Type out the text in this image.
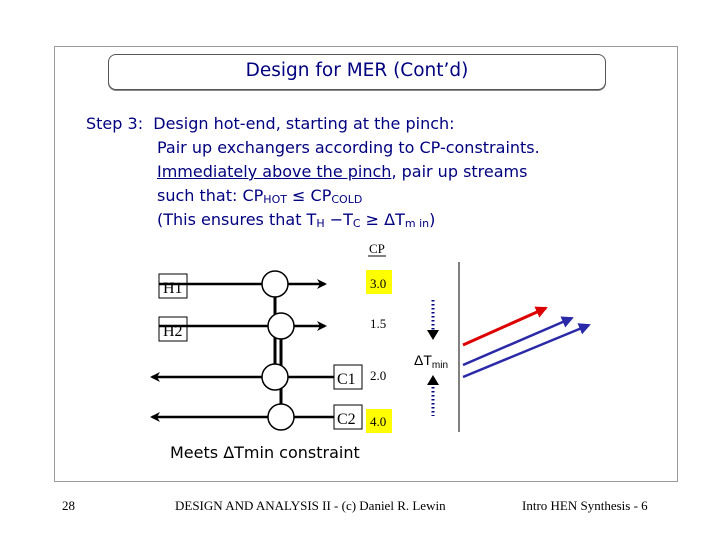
Design for MER (Cont’d)
Step 3: Design hot-end, starting at the pinch:
Pair up exchangers according to CP-constraints.
Immediately above the pinch, pair up streams
such that: $CP_{HOT} \le CP_{COLD}$
(This ensures that $T_H -T_C \ge \Delta T_{m in}$)
CP
H1	3.0
H2	1.5
C1 2.0
C2 4.0
$\Delta T_{min}$
Meets ΔTmin constraint
28	DESIGN AND ANALYSIS II - (c) Daniel R. Lewin	Intro HEN Synthesis - 6
